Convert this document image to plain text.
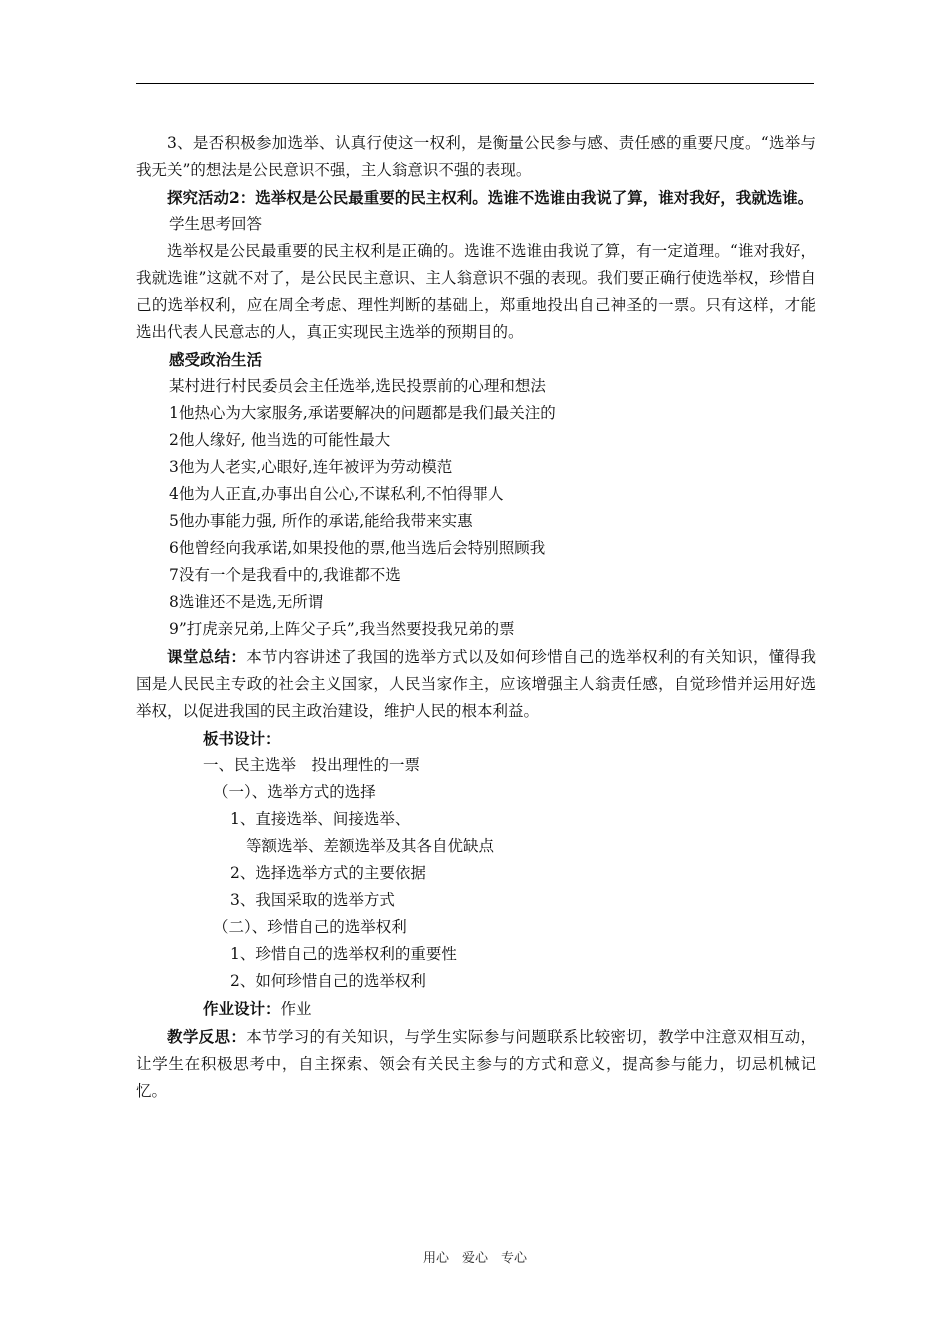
3、是否积极参加选举、认真行使这一权利，是衡量公民参与感、责任感的重要尺度。“选举与我无关”的想法是公民意识不强，主人翁意识不强的表现。

探究活动2：选举权是公民最重要的民主权利。选谁不选谁由我说了算，谁对我好，我就选谁。

学生思考回答

选举权是公民最重要的民主权利是正确的。选谁不选谁由我说了算，有一定道理。“谁对我好，我就选谁”这就不对了，是公民民主意识、主人翁意识不强的表现。我们要正确行使选举权，珍惜自己的选举权利，应在周全考虑、理性判断的基础上，郑重地投出自己神圣的一票。只有这样，才能选出代表人民意志的人，真正实现民主选举的预期目的。

感受政治生活

某村进行村民委员会主任选举,选民投票前的心理和想法

1他热心为大家服务,承诺要解决的问题都是我们最关注的

2他人缘好, 他当选的可能性最大

3他为人老实,心眼好,连年被评为劳动模范

4他为人正直,办事出自公心,不谋私利,不怕得罪人

5他办事能力强, 所作的承诺,能给我带来实惠

6他曾经向我承诺,如果投他的票,他当选后会特别照顾我

7没有一个是我看中的,我谁都不选

8选谁还不是选,无所谓

9”打虎亲兄弟,上阵父子兵”,我当然要投我兄弟的票

课堂总结：本节内容讲述了我国的选举方式以及如何珍惜自己的选举权利的有关知识，懂得我国是人民民主专政的社会主义国家，人民当家作主，应该增强主人翁责任感，自觉珍惜并运用好选举权，以促进我国的民主政治建设，维护人民的根本利益。

板书设计：

一、民主选举　投出理性的一票

（一）、选举方式的选择

1、直接选举、间接选举、

等额选举、差额选举及其各自优缺点

2、选择选举方式的主要依据

3、我国采取的选举方式

（二）、珍惜自己的选举权利

1、珍惜自己的选举权利的重要性

2、如何珍惜自己的选举权利

作业设计：作业

教学反思：本节学习的有关知识，与学生实际参与问题联系比较密切，教学中注意双相互动，让学生在积极思考中，自主探索、领会有关民主参与的方式和意义，提高参与能力，切忌机械记忆。

用心　爱心　专心
